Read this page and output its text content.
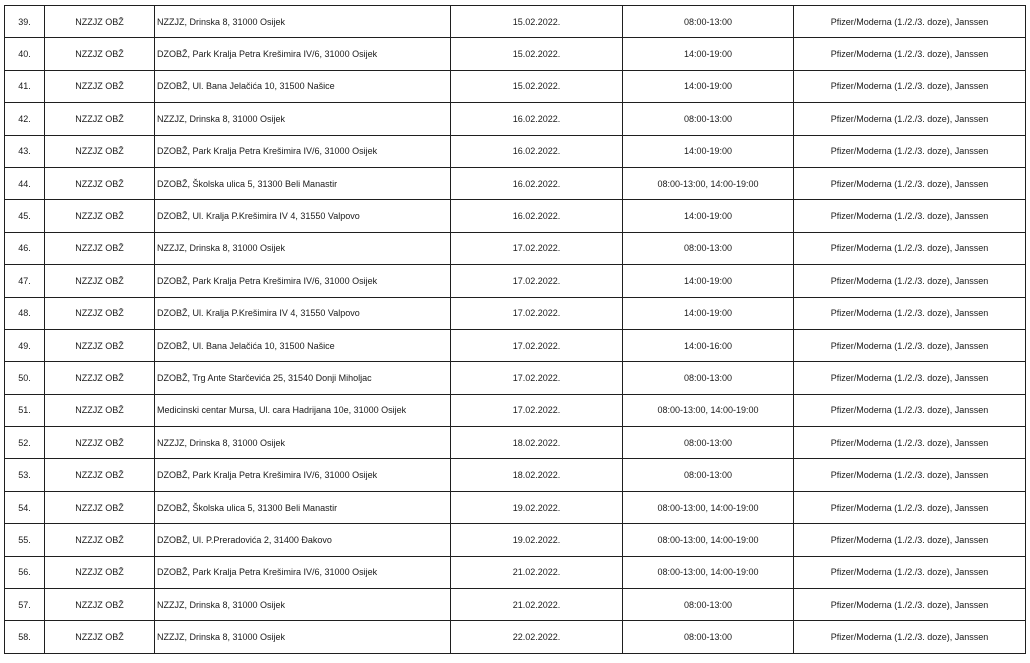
39.	NZZJZ OBŽ	NZZJZ, Drinska 8, 31000 Osijek	15.02.2022.	08:00-13:00	Pfizer/Moderna (1./2./3. doze), Janssen
40.	NZZJZ OBŽ	DZOBŽ, Park Kralja Petra Krešimira IV/6, 31000 Osijek	15.02.2022.	14:00-19:00	Pfizer/Moderna (1./2./3. doze), Janssen
41.	NZZJZ OBŽ	DZOBŽ, Ul. Bana Jelačića 10, 31500 Našice	15.02.2022.	14:00-19:00	Pfizer/Moderna (1./2./3. doze), Janssen
42.	NZZJZ OBŽ	NZZJZ, Drinska 8, 31000 Osijek	16.02.2022.	08:00-13:00	Pfizer/Moderna (1./2./3. doze), Janssen
43.	NZZJZ OBŽ	DZOBŽ, Park Kralja Petra Krešimira IV/6, 31000 Osijek	16.02.2022.	14:00-19:00	Pfizer/Moderna (1./2./3. doze), Janssen
44.	NZZJZ OBŽ	DZOBŽ, Školska ulica 5, 31300 Beli Manastir	16.02.2022.	08:00-13:00, 14:00-19:00	Pfizer/Moderna (1./2./3. doze), Janssen
45.	NZZJZ OBŽ	DZOBŽ, Ul. Kralja P.Krešimira IV 4, 31550 Valpovo	16.02.2022.	14:00-19:00	Pfizer/Moderna (1./2./3. doze), Janssen
46.	NZZJZ OBŽ	NZZJZ, Drinska 8, 31000 Osijek	17.02.2022.	08:00-13:00	Pfizer/Moderna (1./2./3. doze), Janssen
47.	NZZJZ OBŽ	DZOBŽ, Park Kralja Petra Krešimira IV/6, 31000 Osijek	17.02.2022.	14:00-19:00	Pfizer/Moderna (1./2./3. doze), Janssen
48.	NZZJZ OBŽ	DZOBŽ, Ul. Kralja P.Krešimira IV 4, 31550 Valpovo	17.02.2022.	14:00-19:00	Pfizer/Moderna (1./2./3. doze), Janssen
49.	NZZJZ OBŽ	DZOBŽ, Ul. Bana Jelačića 10, 31500 Našice	17.02.2022.	14:00-16:00	Pfizer/Moderna (1./2./3. doze), Janssen
50.	NZZJZ OBŽ	DZOBŽ, Trg Ante Starčevića 25, 31540 Donji Miholjac	17.02.2022.	08:00-13:00	Pfizer/Moderna (1./2./3. doze), Janssen
51.	NZZJZ OBŽ	Medicinski centar Mursa, Ul. cara Hadrijana 10e, 31000 Osijek	17.02.2022.	08:00-13:00, 14:00-19:00	Pfizer/Moderna (1./2./3. doze), Janssen
52.	NZZJZ OBŽ	NZZJZ, Drinska 8, 31000 Osijek	18.02.2022.	08:00-13:00	Pfizer/Moderna (1./2./3. doze), Janssen
53.	NZZJZ OBŽ	DZOBŽ, Park Kralja Petra Krešimira IV/6, 31000 Osijek	18.02.2022.	08:00-13:00	Pfizer/Moderna (1./2./3. doze), Janssen
54.	NZZJZ OBŽ	DZOBŽ, Školska ulica 5, 31300 Beli Manastir	19.02.2022.	08:00-13:00, 14:00-19:00	Pfizer/Moderna (1./2./3. doze), Janssen
55.	NZZJZ OBŽ	DZOBŽ, Ul. P.Preradovića 2, 31400 Đakovo	19.02.2022.	08:00-13:00, 14:00-19:00	Pfizer/Moderna (1./2./3. doze), Janssen
56.	NZZJZ OBŽ	DZOBŽ, Park Kralja Petra Krešimira IV/6, 31000 Osijek	21.02.2022.	08:00-13:00, 14:00-19:00	Pfizer/Moderna (1./2./3. doze), Janssen
57.	NZZJZ OBŽ	NZZJZ, Drinska 8, 31000 Osijek	21.02.2022.	08:00-13:00	Pfizer/Moderna (1./2./3. doze), Janssen
58.	NZZJZ OBŽ	NZZJZ, Drinska 8, 31000 Osijek	22.02.2022.	08:00-13:00	Pfizer/Moderna (1./2./3. doze), Janssen
